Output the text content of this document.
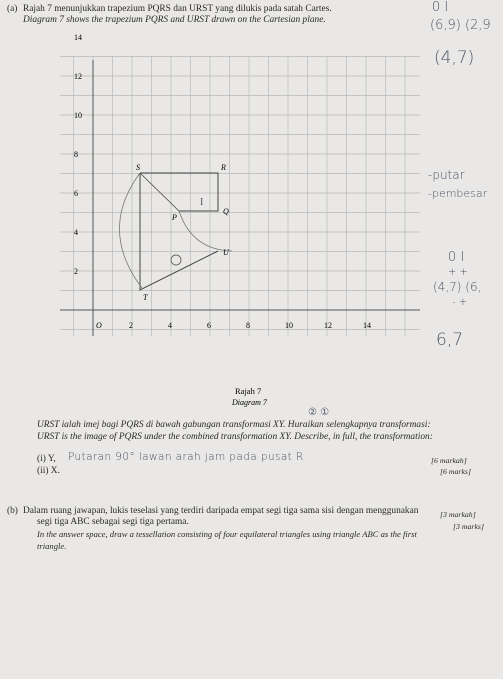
(a) Rajah 7 menunjukkan trapezium PQRS dan URST yang dilukis pada satah Cartes.
Diagram 7 shows the trapezium PQRS and URST drawn on the Cartesian plane.
14
12
10
8
6
4
2
2	4	6	8	10	12	14
O
S	R
P
Q
U
T
I
Rajah 7
Diagram 7
0 I
(6,9) (2,9
(4,7)
-putar
-pembesar
0 I
+ +
(4,7) (6,
- +
6,7
② ①
URST ialah imej bagi PQRS di bawah gabungan transformasi XY. Huraikan selengkapnya transformasi:
URST is the image of PQRS under the combined transformation XY. Describe, in full, the transformation:
(i) Y, Putaran 90° lawan arah jam pada pusat R
(ii) X.
[6 markah]
[6 marks]
(b) Dalam ruang jawapan, lukis teselasi yang terdiri daripada empat segi tiga sama sisi dengan menggunakan
segi tiga ABC sebagai segi tiga pertama.
[3 markah]
In the answer space, draw a tessellation consisting of four equilateral triangles using triangle ABC as the first
[3 marks]
triangle.
